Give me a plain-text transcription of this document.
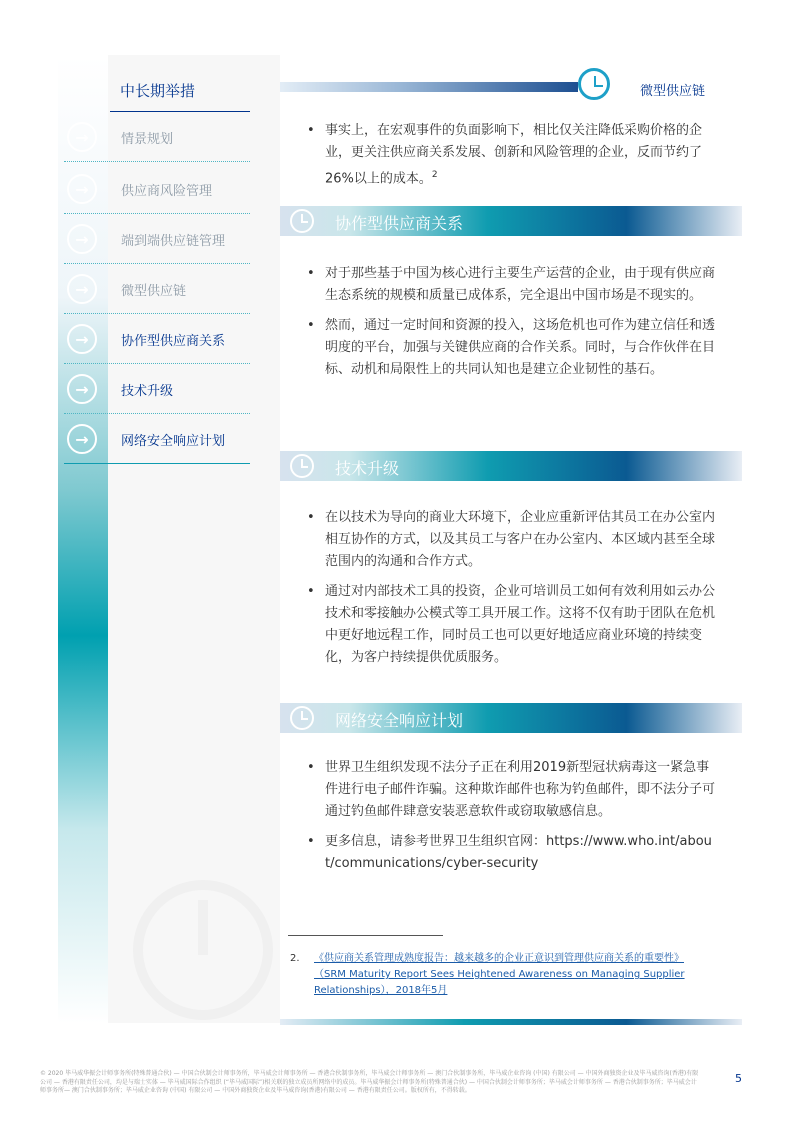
中长期举措
→	情景规划
→	供应商风险管理
→	端到端供应链管理
→	微型供应链
→	协作型供应商关系
→	技术升级
→	网络安全响应计划
微型供应链
• 事实上，在宏观事件的负面影响下，相比仅关注降低采购价格的企业，更关注供应商关系发展、创新和风险管理的企业，反而节约了26%以上的成本。$^2$
协作型供应商关系
• 对于那些基于中国为核心进行主要生产运营的企业，由于现有供应商生态系统的规模和质量已成体系，完全退出中国市场是不现实的。
• 然而，通过一定时间和资源的投入，这场危机也可作为建立信任和透明度的平台，加强与关键供应商的合作关系。同时，与合作伙伴在目标、动机和局限性上的共同认知也是建立企业韧性的基石。
技术升级
• 在以技术为导向的商业大环境下，企业应重新评估其员工在办公室内相互协作的方式，以及其员工与客户在办公室内、本区域内甚至全球范围内的沟通和合作方式。
• 通过对内部技术工具的投资，企业可培训员工如何有效利用如云办公技术和零接触办公模式等工具开展工作。这将不仅有助于团队在危机中更好地远程工作，同时员工也可以更好地适应商业环境的持续变化，为客户持续提供优质服务。
网络安全响应计划
• 世界卫生组织发现不法分子正在利用2019新型冠状病毒这一紧急事件进行电子邮件诈骗。这种欺诈邮件也称为钓鱼邮件，即不法分子可通过钓鱼邮件肆意安装恶意软件或窃取敏感信息。
• 更多信息，请参考世界卫生组织官网：https://www.who.int/about/communications/cyber-security
2. 《供应商关系管理成熟度报告：越来越多的企业正意识到管理供应商关系的重要性》（SRM Maturity Report Sees Heightened Awareness on Managing Supplier Relationships），2018年5月
© 2020 毕马威华振会计师事务所(特殊普通合伙) — 中国合伙制会计师事务所，毕马威会计师事务所 — 香港合伙制事务所，毕马威会计师事务所 — 澳门合伙制事务所，毕马威企业咨询 (中国) 有限公司 — 中国外商独资企业及毕马威咨询(香港)有限公司 — 香港有限责任公司，均是与瑞士实体 — 毕马威国际合作组织 (“毕马威国际”)相关联的独立成员所网络中的成员。毕马威华振会计师事务所(特殊普通合伙) — 中国合伙制会计师事务所；毕马威会计师事务所 — 香港合伙制事务所；毕马威会计师事务所— 澳门合伙制事务所；毕马威企业咨询 (中国) 有限公司 — 中国外商独资企业及毕马威咨询(香港)有限公司 — 香港有限责任公司。版权所有，不得转载。
5
